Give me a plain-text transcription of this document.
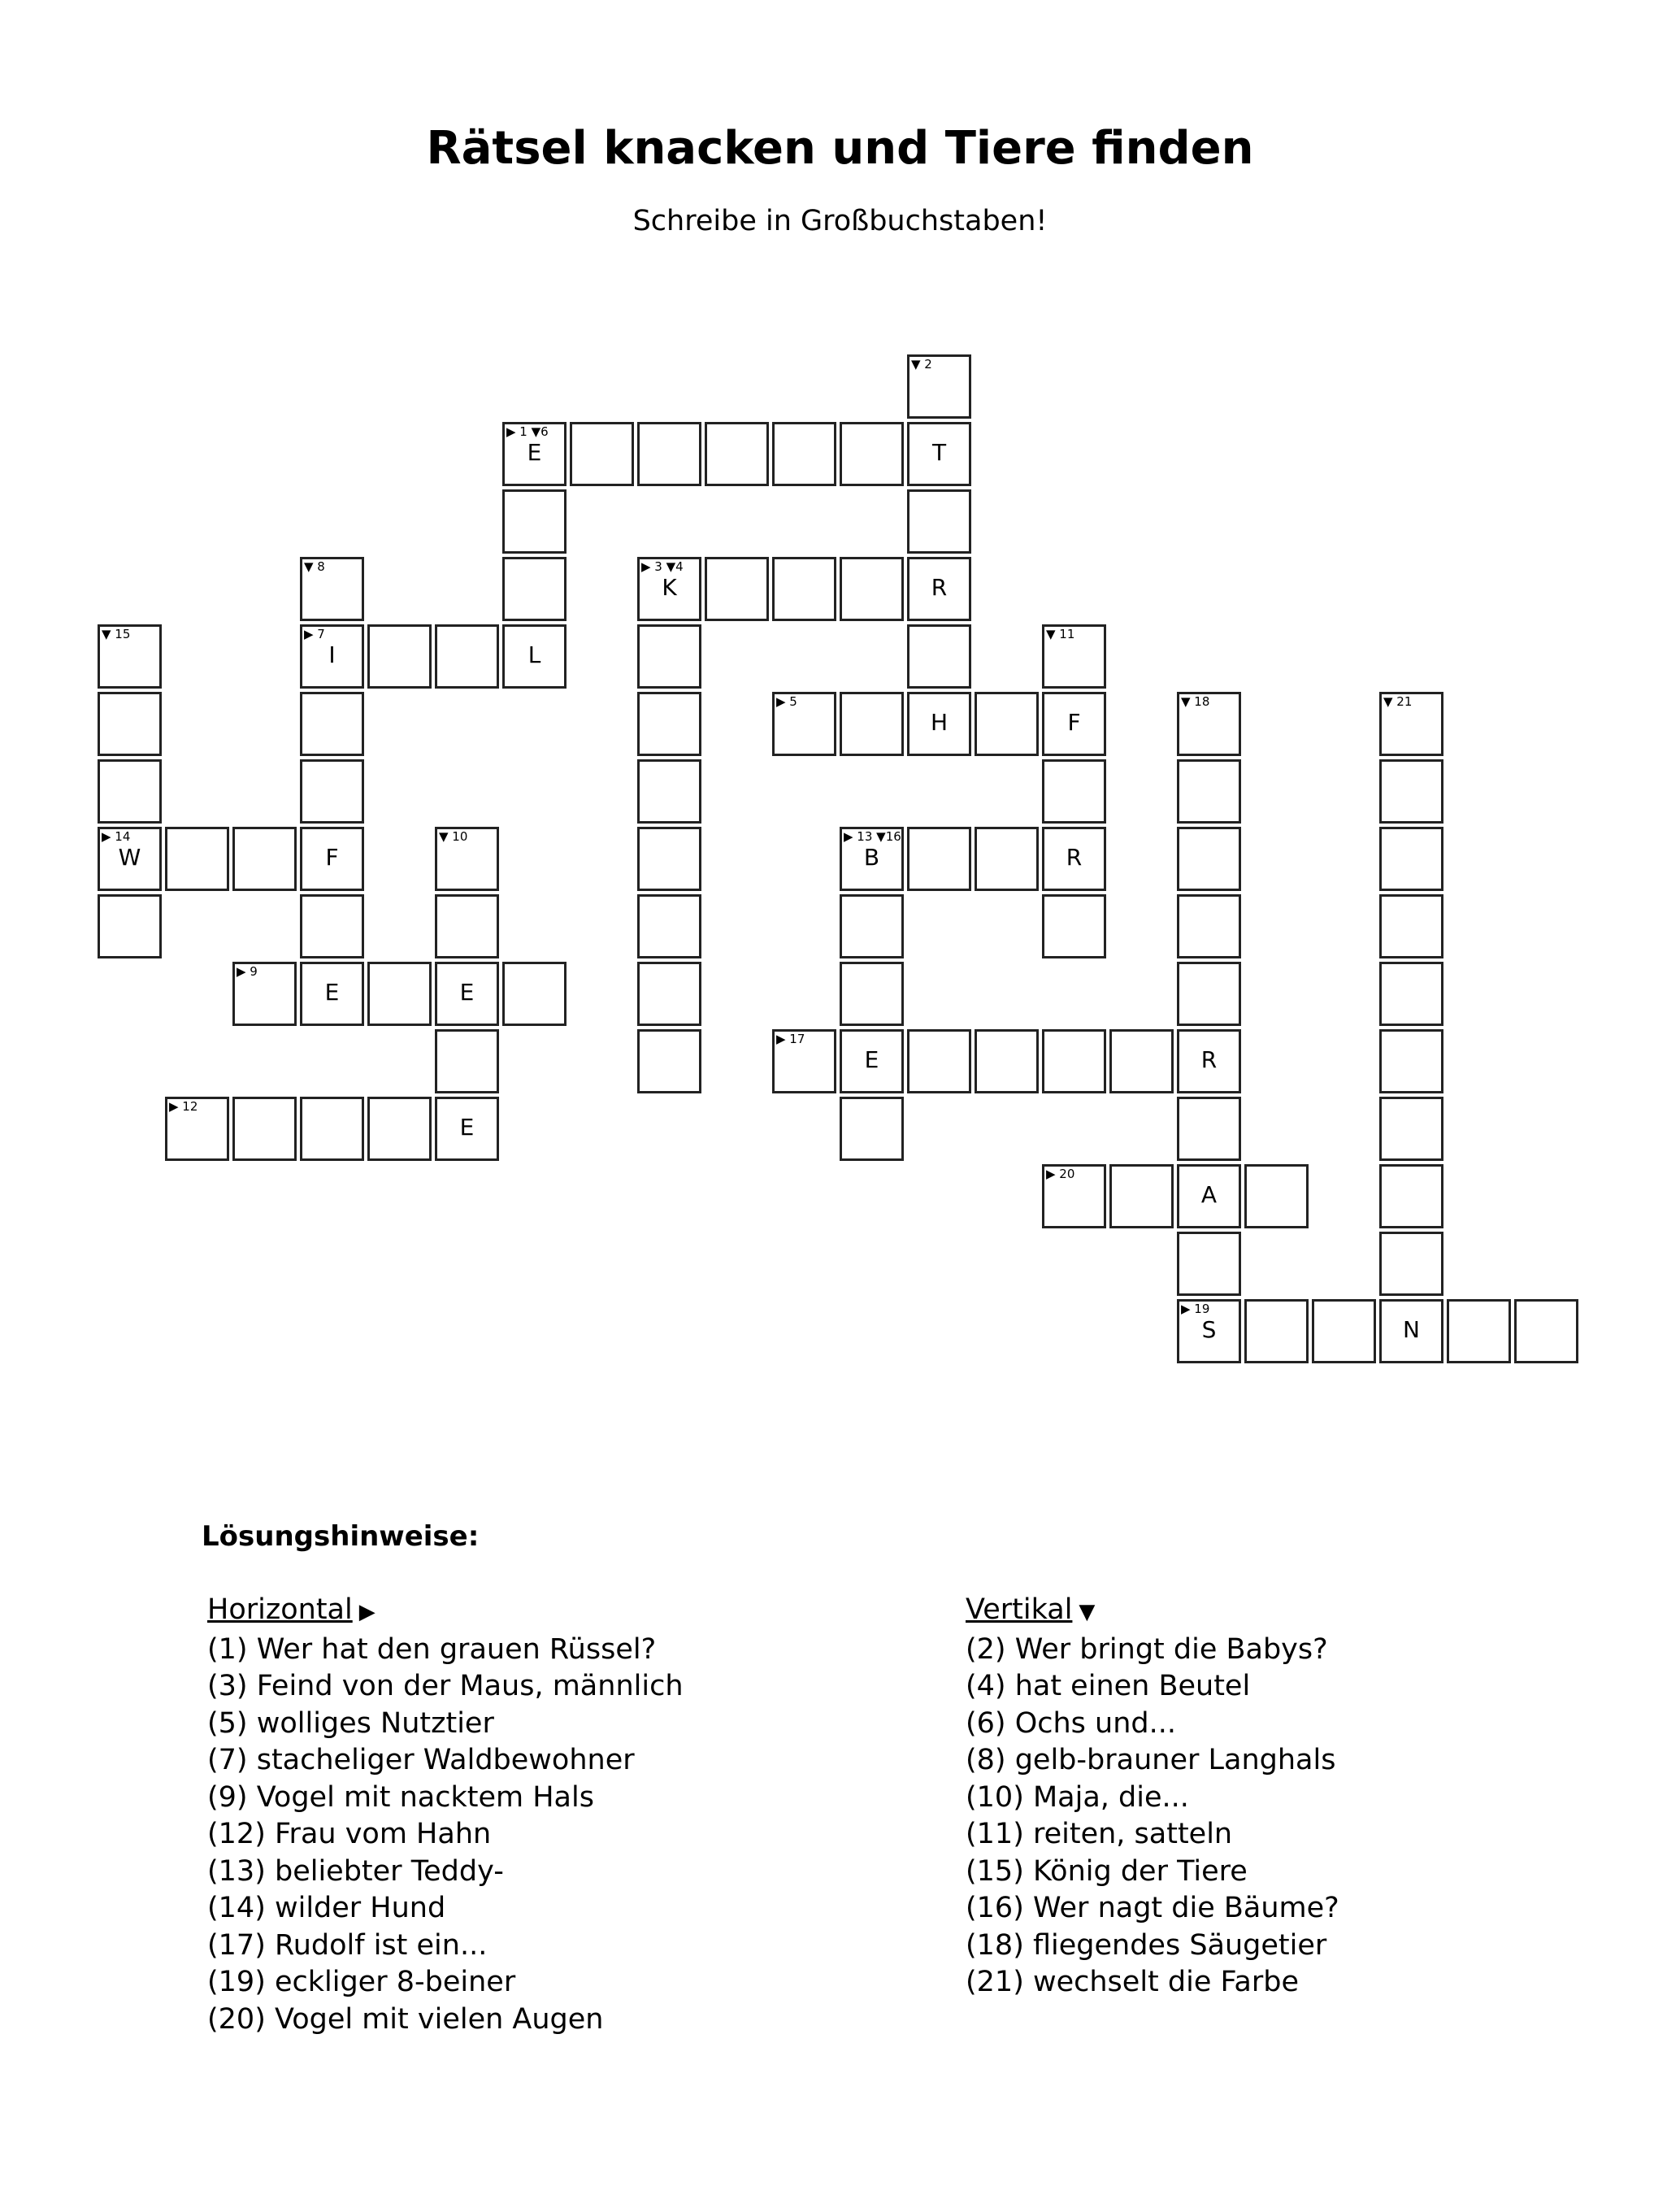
Rätsel knacken und Tiere finden
Schreibe in Großbuchstaben!
▼ 2
▶ 1 ▼6
E	T
▼ 8	▶ 3 ▼4
K	R
▼ 15	▶ 7
I	L
▼ 11
▶ 5
H	F
▼ 18	▼ 21
▶ 14
W	F
▼ 10	▶ 13 ▼16
B	R
▶ 9
E	E
▶ 17
E	R
▶ 12
E
▶ 20
A
▶ 19
S	N
Lösungshinweise:
Horizontal ▶
(1) Wer hat den grauen Rüssel?
(3) Feind von der Maus, männlich
(5) wolliges Nutztier
(7) stacheliger Waldbewohner
(9) Vogel mit nacktem Hals
(12) Frau vom Hahn
(13) beliebter Teddy-
(14) wilder Hund
(17) Rudolf ist ein...
(19) eckliger 8-beiner
(20) Vogel mit vielen Augen
Vertikal ▼
(2) Wer bringt die Babys?
(4) hat einen Beutel
(6) Ochs und...
(8) gelb-brauner Langhals
(10) Maja, die...
(11) reiten, satteln
(15) König der Tiere
(16) Wer nagt die Bäume?
(18) fliegendes Säugetier
(21) wechselt die Farbe
